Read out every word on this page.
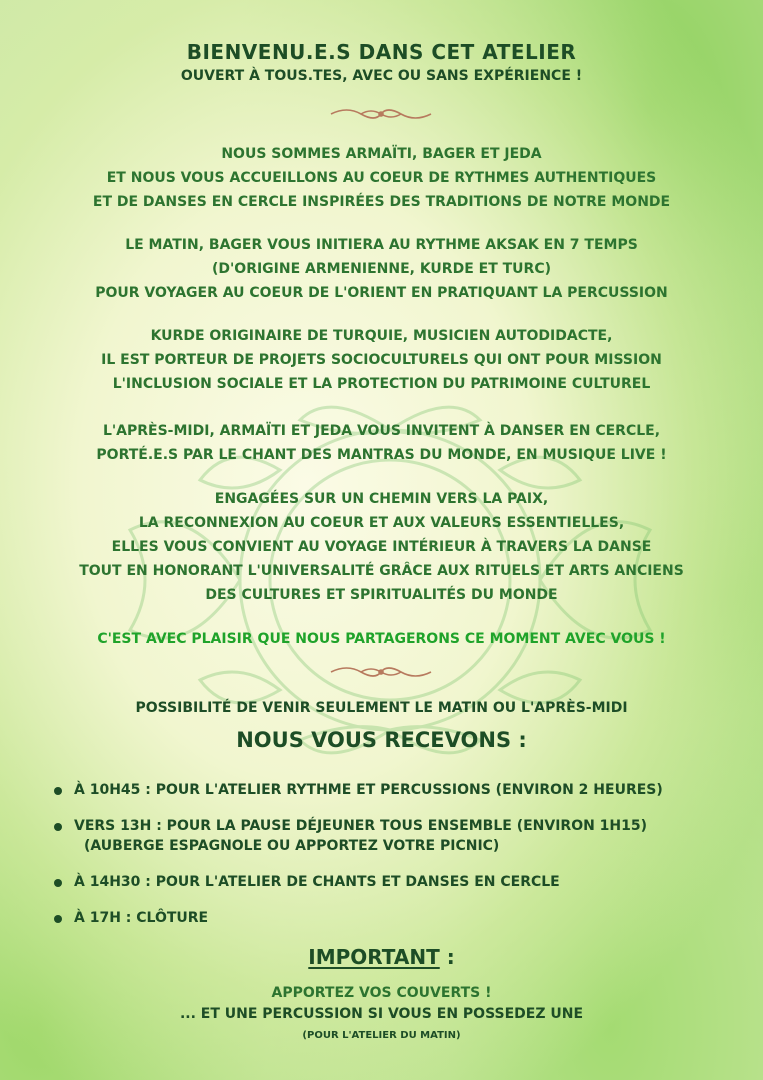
BIENVENU.E.S DANS CET ATELIER
OUVERT À TOUS.TES, AVEC OU SANS EXPÉRIENCE !
NOUS SOMMES ARMAÏTI, BAGER ET JEDA
ET NOUS VOUS ACCUEILLONS AU COEUR DE RYTHMES AUTHENTIQUES
ET DE DANSES EN CERCLE INSPIRÉES DES TRADITIONS DE NOTRE MONDE
LE MATIN, BAGER VOUS INITIERA AU RYTHME AKSAK EN 7 TEMPS
(D'ORIGINE ARMENIENNE, KURDE ET TURC)
POUR VOYAGER AU COEUR DE L'ORIENT EN PRATIQUANT LA PERCUSSION
KURDE ORIGINAIRE DE TURQUIE, MUSICIEN AUTODIDACTE,
IL EST PORTEUR DE PROJETS SOCIOCULTURELS QUI ONT POUR MISSION
L'INCLUSION SOCIALE ET LA PROTECTION DU PATRIMOINE CULTUREL
L'APRÈS-MIDI, ARMAÏTI ET JEDA VOUS INVITENT À DANSER EN CERCLE,
PORTÉ.E.S PAR LE CHANT DES MANTRAS DU MONDE, EN MUSIQUE LIVE !
ENGAGÉES SUR UN CHEMIN VERS LA PAIX,
LA RECONNEXION AU COEUR ET AUX VALEURS ESSENTIELLES,
ELLES VOUS CONVIENT AU VOYAGE INTÉRIEUR À TRAVERS LA DANSE
TOUT EN HONORANT L'UNIVERSALITÉ GRÂCE AUX RITUELS ET ARTS ANCIENS
DES CULTURES ET SPIRITUALITÉS DU MONDE
C'EST AVEC PLAISIR QUE NOUS PARTAGERONS CE MOMENT AVEC VOUS !
POSSIBILITÉ DE VENIR SEULEMENT LE MATIN OU L'APRÈS-MIDI
NOUS VOUS RECEVONS :
À 10H45 : POUR L'ATELIER RYTHME ET PERCUSSIONS (ENVIRON 2 HEURES)
VERS 13H : POUR LA PAUSE DÉJEUNER TOUS ENSEMBLE (ENVIRON 1H15)
(AUBERGE ESPAGNOLE OU APPORTEZ VOTRE PICNIC)
À 14H30 : POUR L'ATELIER DE CHANTS ET DANSES EN CERCLE
À 17H : CLÔTURE
IMPORTANT :
APPORTEZ VOS COUVERTS !
... ET UNE PERCUSSION SI VOUS EN POSSEDEZ UNE
(POUR L'ATELIER DU MATIN)
